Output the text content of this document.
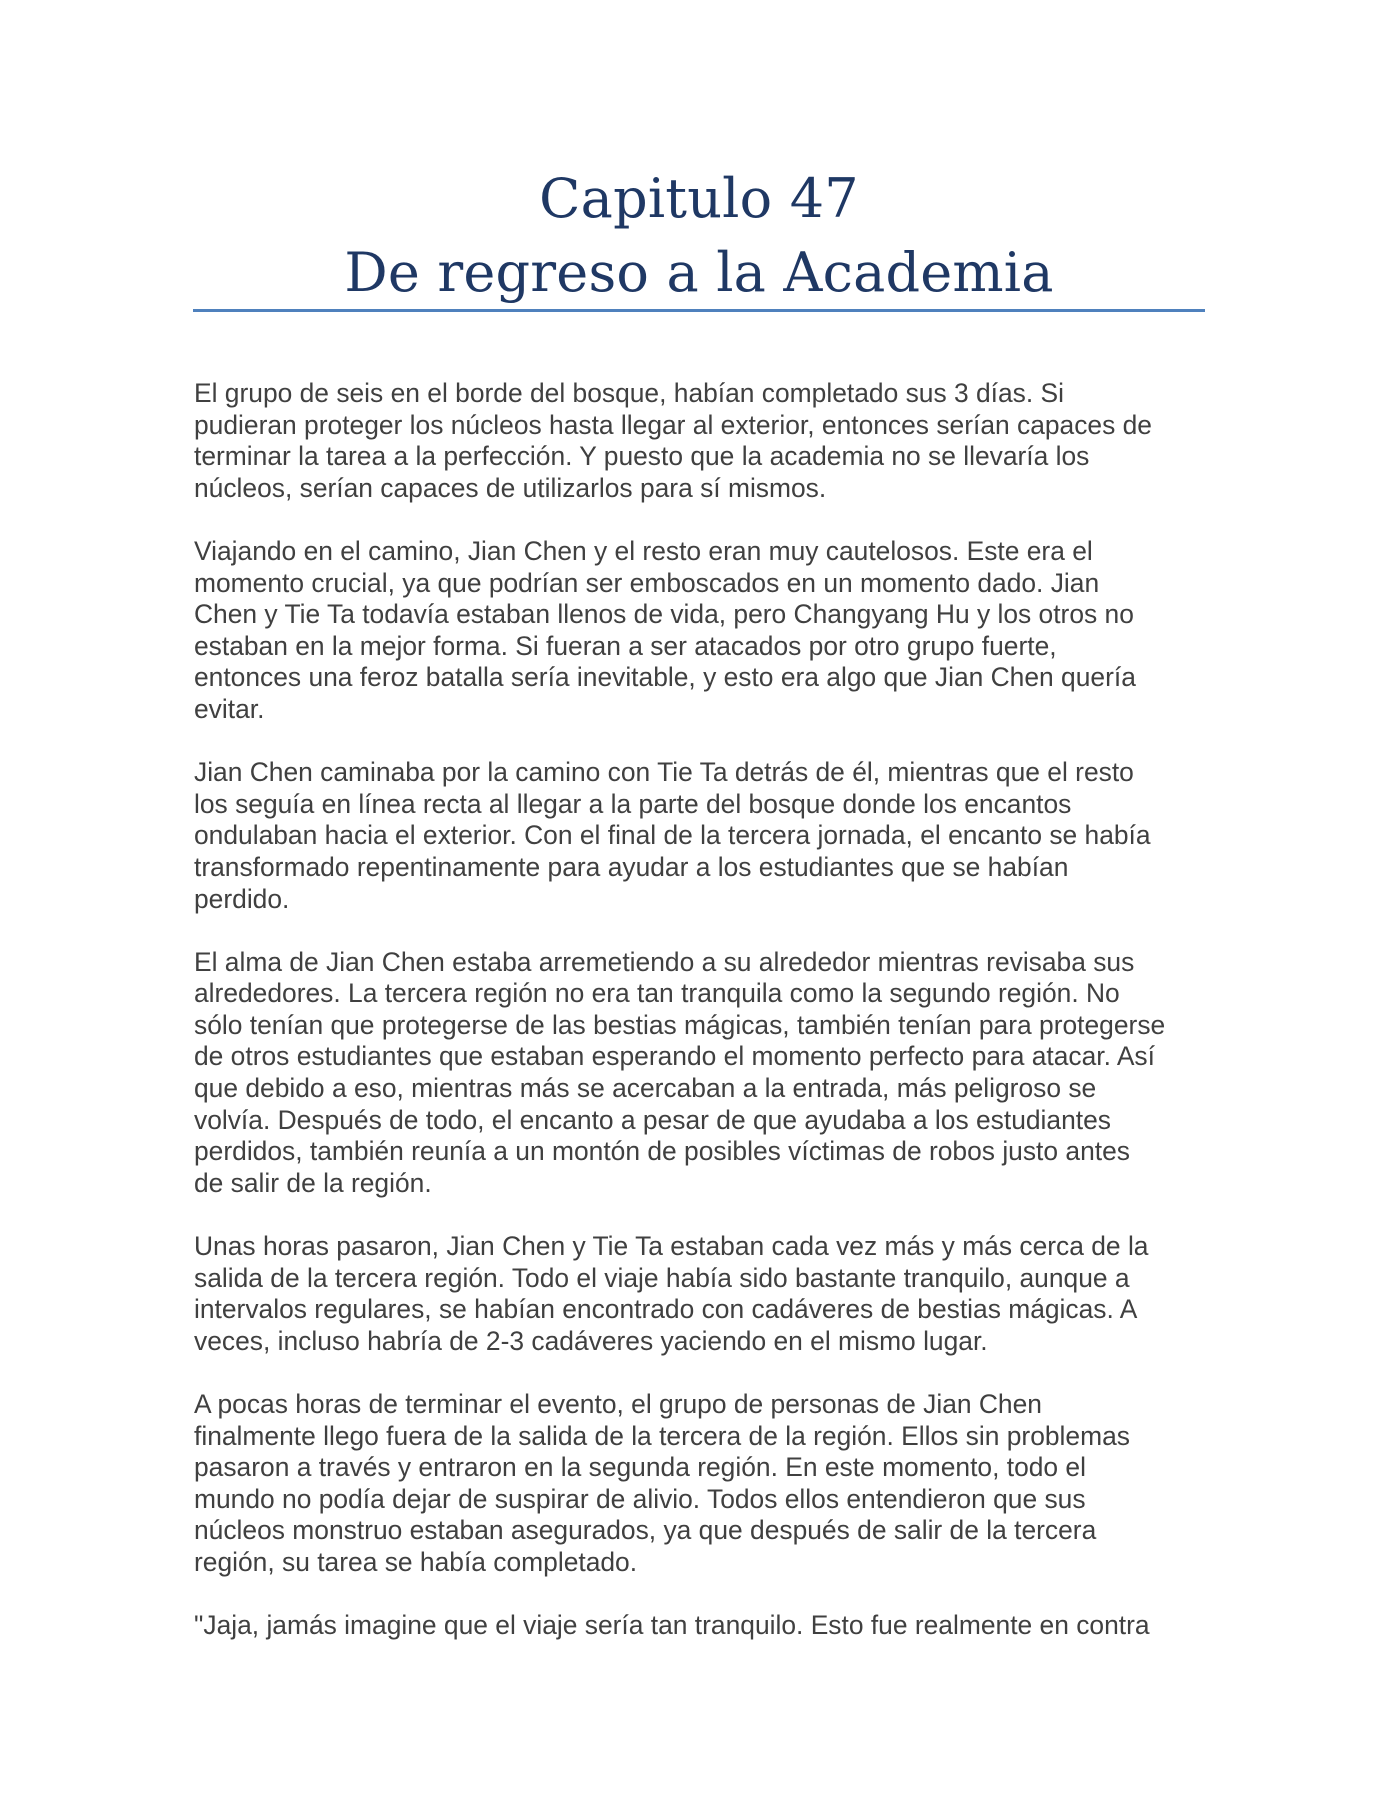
Capitulo 47
De regreso a la Academia

El grupo de seis en el borde del bosque, habían completado sus 3 días. Si
pudieran proteger los núcleos hasta llegar al exterior, entonces serían capaces de
terminar la tarea a la perfección. Y puesto que la academia no se llevaría los
núcleos, serían capaces de utilizarlos para sí mismos.

Viajando en el camino, Jian Chen y el resto eran muy cautelosos. Este era el
momento crucial, ya que podrían ser emboscados en un momento dado. Jian
Chen y Tie Ta todavía estaban llenos de vida, pero Changyang Hu y los otros no
estaban en la mejor forma. Si fueran a ser atacados por otro grupo fuerte,
entonces una feroz batalla sería inevitable, y esto era algo que Jian Chen quería
evitar.

Jian Chen caminaba por la camino con Tie Ta detrás de él, mientras que el resto
los seguía en línea recta al llegar a la parte del bosque donde los encantos
ondulaban hacia el exterior. Con el final de la tercera jornada, el encanto se había
transformado repentinamente para ayudar a los estudiantes que se habían
perdido.

El alma de Jian Chen estaba arremetiendo a su alrededor mientras revisaba sus
alrededores. La tercera región no era tan tranquila como la segundo región. No
sólo tenían que protegerse de las bestias mágicas, también tenían para protegerse
de otros estudiantes que estaban esperando el momento perfecto para atacar. Así
que debido a eso, mientras más se acercaban a la entrada, más peligroso se
volvía. Después de todo, el encanto a pesar de que ayudaba a los estudiantes
perdidos, también reunía a un montón de posibles víctimas de robos justo antes
de salir de la región.

Unas horas pasaron, Jian Chen y Tie Ta estaban cada vez más y más cerca de la
salida de la tercera región. Todo el viaje había sido bastante tranquilo, aunque a
intervalos regulares, se habían encontrado con cadáveres de bestias mágicas. A
veces, incluso habría de 2-3 cadáveres yaciendo en el mismo lugar.

A pocas horas de terminar el evento, el grupo de personas de Jian Chen
finalmente llego fuera de la salida de la tercera de la región. Ellos sin problemas
pasaron a través y entraron en la segunda región. En este momento, todo el
mundo no podía dejar de suspirar de alivio. Todos ellos entendieron que sus
núcleos monstruo estaban asegurados, ya que después de salir de la tercera
región, su tarea se había completado.

"Jaja, jamás imagine que el viaje sería tan tranquilo. Esto fue realmente en contra
